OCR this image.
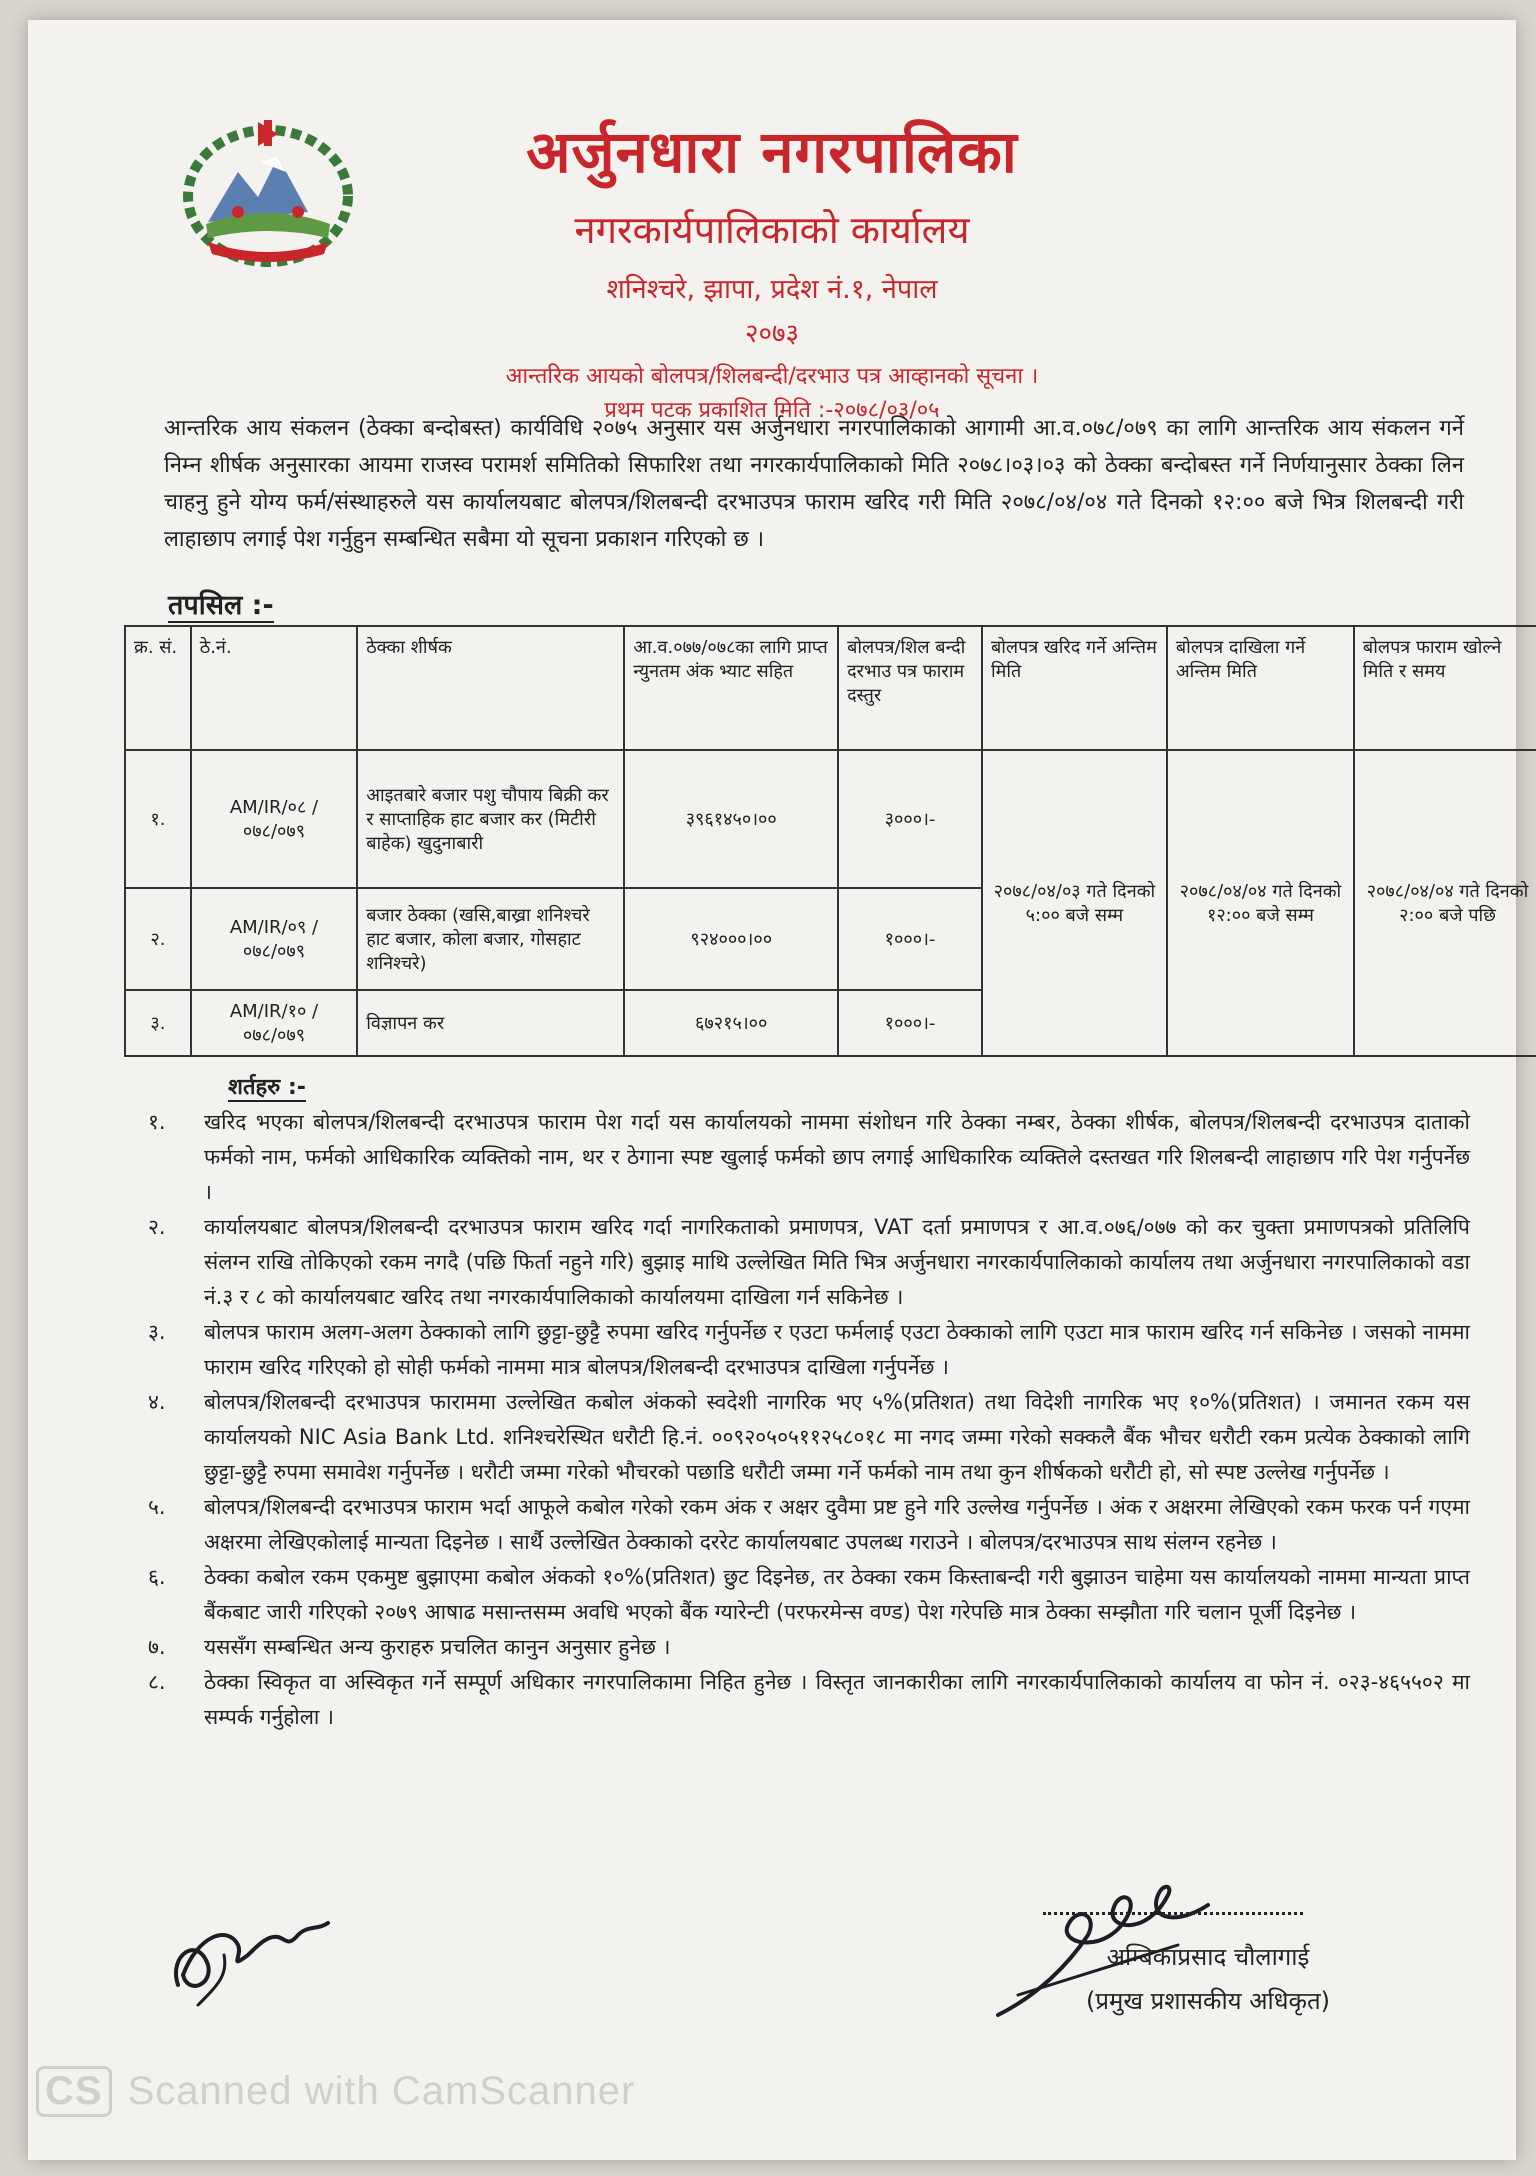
अर्जुनधारा नगरपालिका
नगरकार्यपालिकाको कार्यालय
शनिश्चरे, झापा, प्रदेश नं.१, नेपाल
२०७३
आन्तरिक आयको बोलपत्र/शिलबन्दी/दरभाउ पत्र आव्हानको सूचना ।
प्रथम पटक प्रकाशित मिति :-२०७८/०३/०५
आन्तरिक आय संकलन (ठेक्का बन्दोबस्त) कार्यविधि २०७५ अनुसार यस अर्जुनधारा नगरपालिकाको आगामी आ.व.०७८/०७९ का लागि आन्तरिक आय संकलन गर्ने निम्न शीर्षक अनुसारका आयमा राजस्व परामर्श समितिको सिफारिश तथा नगरकार्यपालिकाको मिति २०७८।०३।०३ को ठेक्का बन्दोबस्त गर्ने निर्णयानुसार ठेक्का लिन चाहनु हुने योग्य फर्म/संस्थाहरुले यस कार्यालयबाट बोलपत्र/शिलबन्दी दरभाउपत्र फाराम खरिद गरी मिति २०७८/०४/०४ गते दिनको १२:०० बजे भित्र शिलबन्दी गरी लाहाछाप लगाई पेश गर्नुहुन सम्बन्धित सबैमा यो सूचना प्रकाशन गरिएको छ ।
तपसिल :-
क्र. सं.	ठे.नं.	ठेक्का शीर्षक	आ.व.०७७/०७८का लागि प्राप्त न्युनतम अंक भ्याट सहित	बोलपत्र/शिल बन्दी दरभाउ पत्र फाराम दस्तुर	बोलपत्र खरिद गर्ने अन्तिम मिति	बोलपत्र दाखिला गर्ने अन्तिम मिति	बोलपत्र फाराम खोल्ने मिति र समय
१.	AM/IR/०८ /०७८/०७९	आइतबारे बजार पशु चौपाय बिक्री कर र साप्ताहिक हाट बजार कर (मिटीरी बाहेक) खुदुनाबारी	३९६१४५०।००	३०००।-	२०७८/०४/०३ गते दिनको ५:०० बजे सम्म	२०७८/०४/०४ गते दिनको १२:०० बजे सम्म	२०७८/०४/०४ गते दिनको २:०० बजे पछि
२.	AM/IR/०९ /०७८/०७९	बजार ठेक्का (खसि,बाख्रा शनिश्चरे हाट बजार, कोला बजार, गोसहाट शनिश्चरे)	९२४०००।००	१०००।-			
३.	AM/IR/१० /०७८/०७९	विज्ञापन कर	६७२१५।००	१०००।-			
शर्तहरु :-
१.	खरिद भएका बोलपत्र/शिलबन्दी दरभाउपत्र फाराम पेश गर्दा यस कार्यालयको नाममा संशोधन गरि ठेक्का नम्बर, ठेक्का शीर्षक, बोलपत्र/शिलबन्दी दरभाउपत्र दाताको फर्मको नाम, फर्मको आधिकारिक व्यक्तिको नाम, थर र ठेगाना स्पष्ट खुलाई फर्मको छाप लगाई आधिकारिक व्यक्तिले दस्तखत गरि शिलबन्दी लाहाछाप गरि पेश गर्नुपर्नेछ ।
२.	कार्यालयबाट बोलपत्र/शिलबन्दी दरभाउपत्र फाराम खरिद गर्दा नागरिकताको प्रमाणपत्र, VAT दर्ता प्रमाणपत्र र आ.व.०७६/०७७ को कर चुक्ता प्रमाणपत्रको प्रतिलिपि संलग्न राखि तोकिएको रकम नगदै (पछि फिर्ता नहुने गरि) बुझाइ माथि उल्लेखित मिति भित्र अर्जुनधारा नगरकार्यपालिकाको कार्यालय तथा अर्जुनधारा नगरपालिकाको वडा नं.३ र ८ को कार्यालयबाट खरिद तथा नगरकार्यपालिकाको कार्यालयमा दाखिला गर्न सकिनेछ ।
३.	बोलपत्र फाराम अलग-अलग ठेक्काको लागि छुट्टा-छुट्टै रुपमा खरिद गर्नुपर्नेछ र एउटा फर्मलाई एउटा ठेक्काको लागि एउटा मात्र फाराम खरिद गर्न सकिनेछ । जसको नाममा फाराम खरिद गरिएको हो सोही फर्मको नाममा मात्र बोलपत्र/शिलबन्दी दरभाउपत्र दाखिला गर्नुपर्नेछ ।
४.	बोलपत्र/शिलबन्दी दरभाउपत्र फाराममा उल्लेखित कबोल अंकको स्वदेशी नागरिक भए ५%(प्रतिशत) तथा विदेशी नागरिक भए १०%(प्रतिशत) । जमानत रकम यस कार्यालयको NIC Asia Bank Ltd. शनिश्चरेस्थित धरौटी हि.नं. ००९२०५०५११२५८०१८ मा नगद जम्मा गरेको सक्कलै बैंक भौचर धरौटी रकम प्रत्येक ठेक्काको लागि छुट्टा-छुट्टै रुपमा समावेश गर्नुपर्नेछ । धरौटी जम्मा गरेको भौचरको पछाडि धरौटी जम्मा गर्ने फर्मको नाम तथा कुन शीर्षकको धरौटी हो, सो स्पष्ट उल्लेख गर्नुपर्नेछ ।
५.	बोलपत्र/शिलबन्दी दरभाउपत्र फाराम भर्दा आफूले कबोल गरेको रकम अंक र अक्षर दुवैमा प्रष्ट हुने गरि उल्लेख गर्नुपर्नेछ । अंक र अक्षरमा लेखिएको रकम फरक पर्न गएमा अक्षरमा लेखिएकोलाई मान्यता दिइनेछ । सार्थै उल्लेखित ठेक्काको दररेट कार्यालयबाट उपलब्ध गराउने । बोलपत्र/दरभाउपत्र साथ संलग्न रहनेछ ।
६.	ठेक्का कबोल रकम एकमुष्ट बुझाएमा कबोल अंकको १०%(प्रतिशत) छुट दिइनेछ, तर ठेक्का रकम किस्ताबन्दी गरी बुझाउन चाहेमा यस कार्यालयको नाममा मान्यता प्राप्त बैंकबाट जारी गरिएको २०७९ आषाढ मसान्तसम्म अवधि भएको बैंक ग्यारेन्टी (परफरमेन्स वण्ड) पेश गरेपछि मात्र ठेक्का सम्झौता गरि चलान पूर्जी दिइनेछ ।
७.	यससँग सम्बन्धित अन्य कुराहरु प्रचलित कानुन अनुसार हुनेछ ।
८.	ठेक्का स्विकृत वा अस्विकृत गर्ने सम्पूर्ण अधिकार नगरपालिकामा निहित हुनेछ । विस्तृत जानकारीका लागि नगरकार्यपालिकाको कार्यालय वा फोन नं. ०२३-४६५५०२ मा सम्पर्क गर्नुहोला ।
अम्बिकाप्रसाद चौलागाई
(प्रमुख प्रशासकीय अधिकृत)
CS Scanned with CamScanner
